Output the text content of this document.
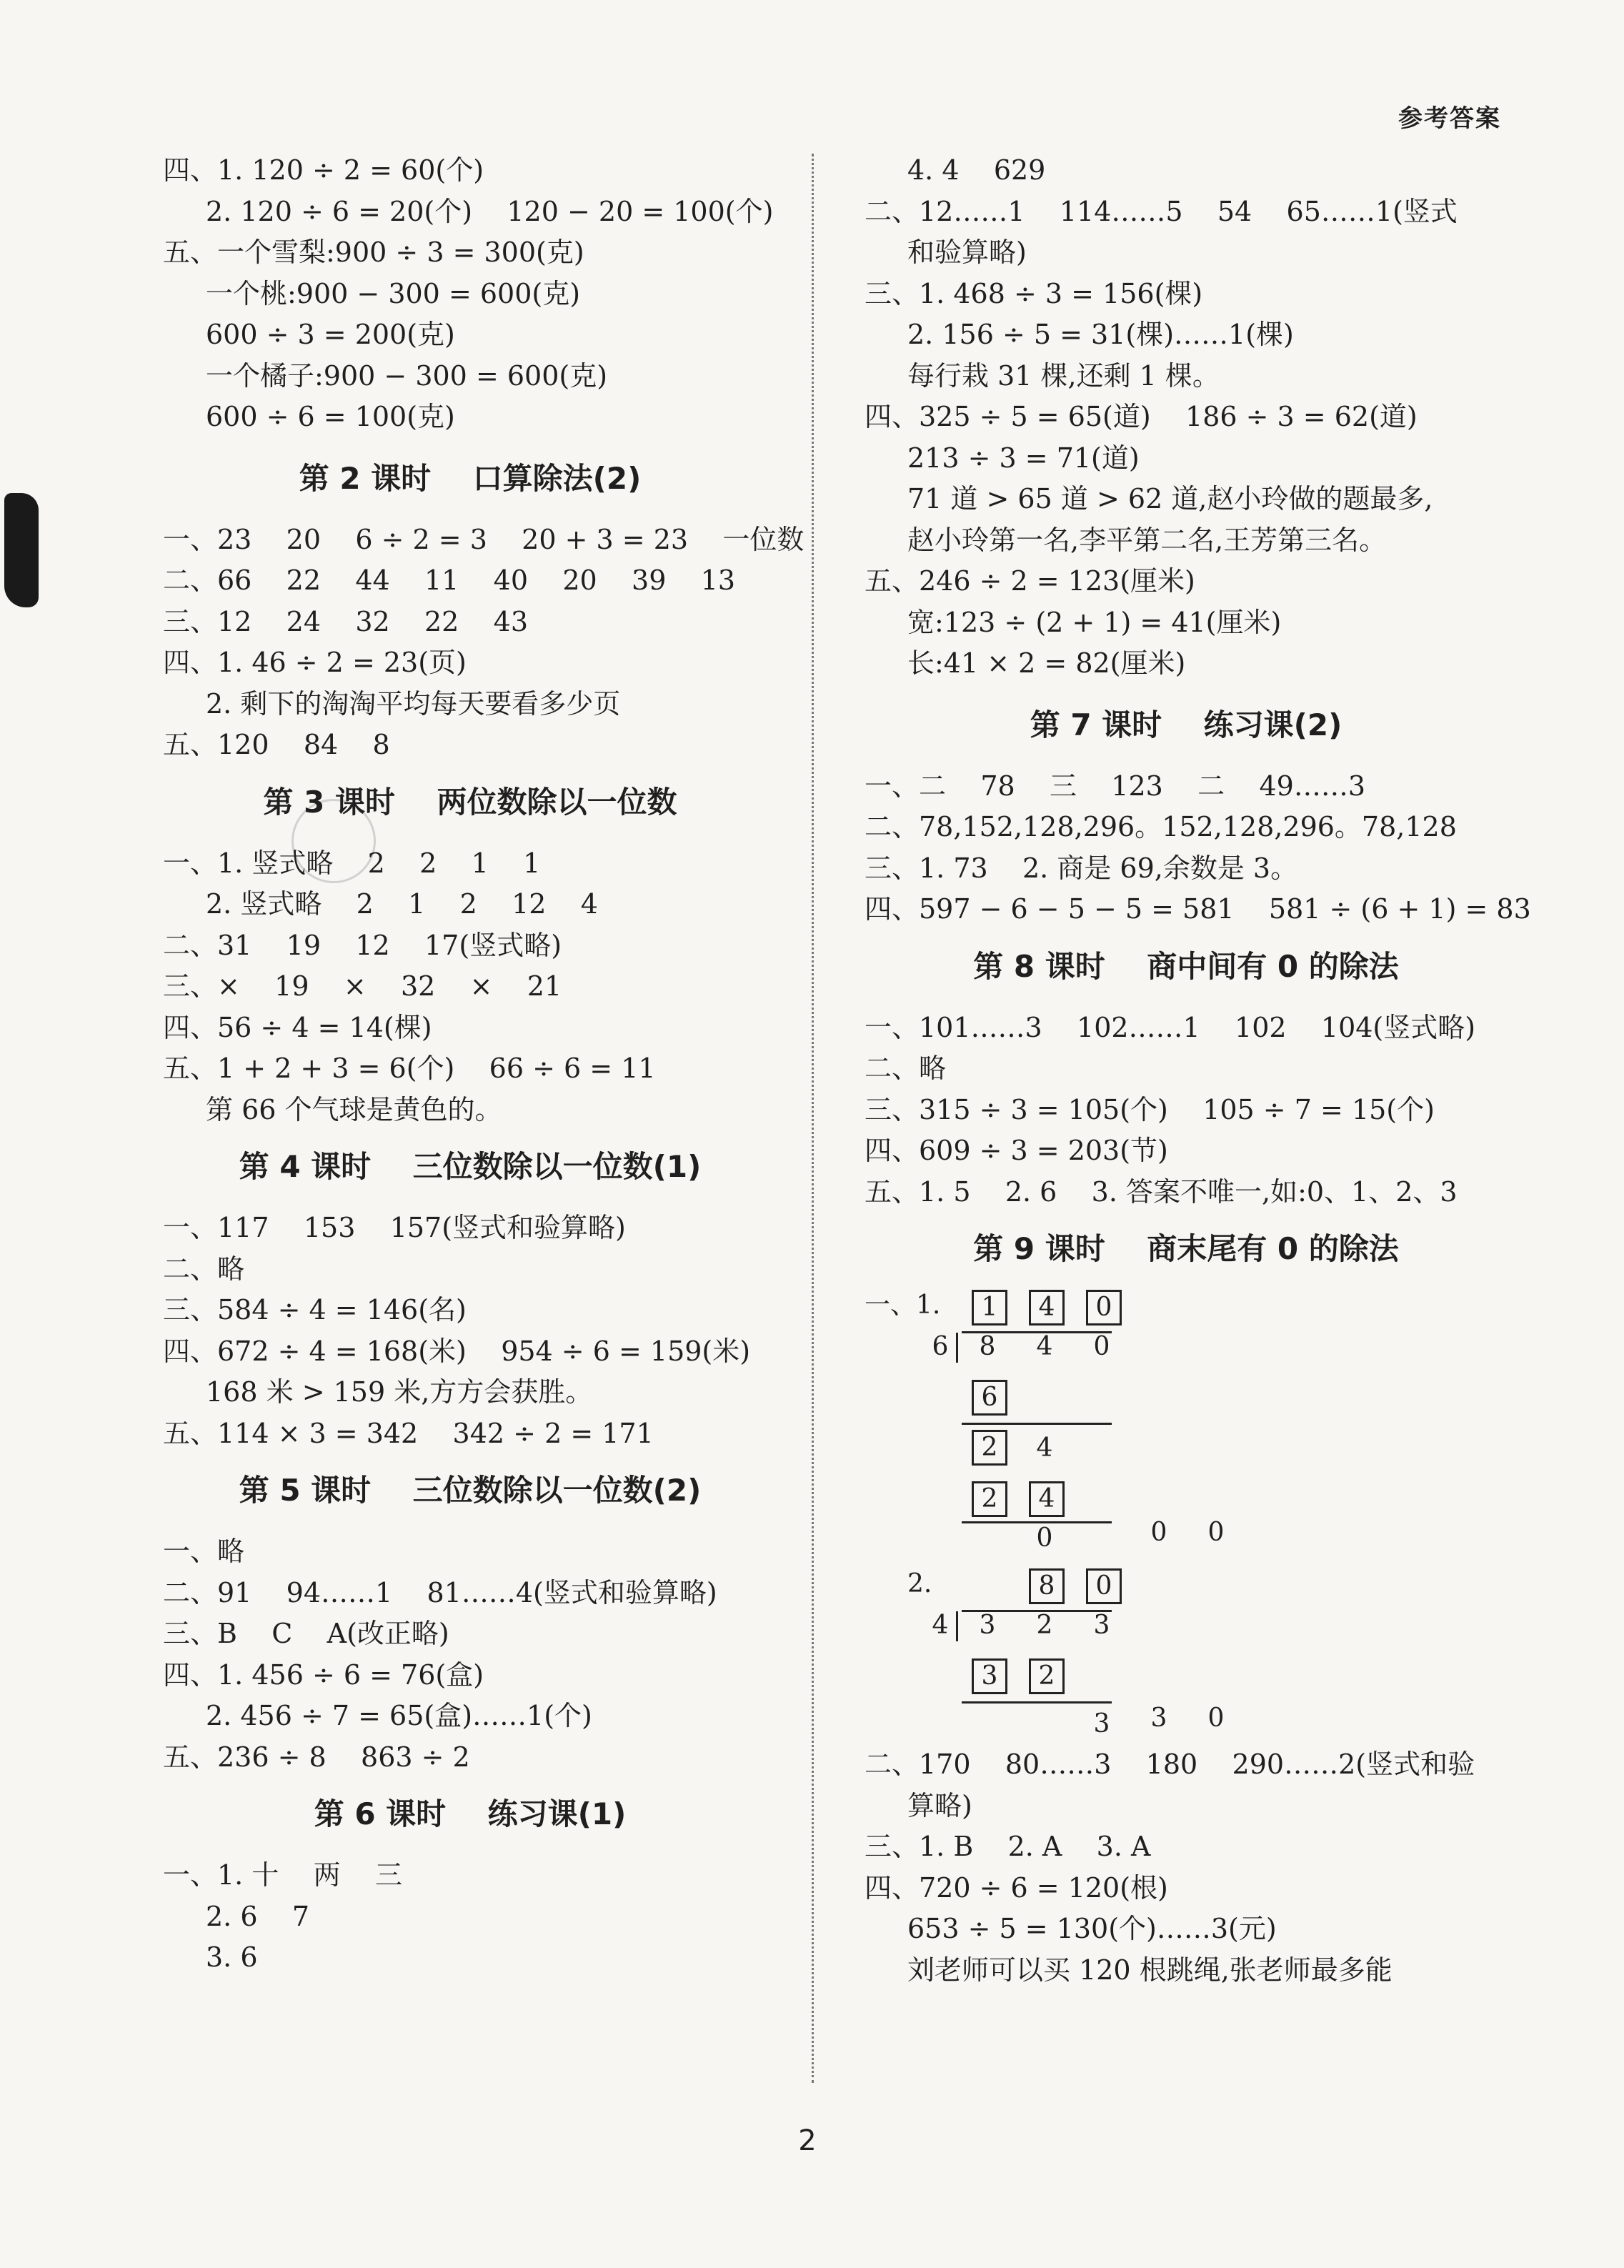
参考答案
四、1. 120 ÷ 2 = 60(个)
2. 120 ÷ 6 = 20(个)    120 − 20 = 100(个)
五、一个雪梨:900 ÷ 3 = 300(克)
一个桃:900 − 300 = 600(克)
600 ÷ 3 = 200(克)
一个橘子:900 − 300 = 600(克)
600 ÷ 6 = 100(克)
第 2 课时    口算除法(2)
一、23    20    6 ÷ 2 = 3    20 + 3 = 23    一位数
二、66    22    44    11    40    20    39    13
三、12    24    32    22    43
四、1. 46 ÷ 2 = 23(页)
2. 剩下的淘淘平均每天要看多少页
五、120    84    8
第 3 课时    两位数除以一位数
一、1. 竖式略    2    2    1    1
2. 竖式略    2    1    2    12    4
二、31    19    12    17(竖式略)
三、×    19    ×    32    ×    21
四、56 ÷ 4 = 14(棵)
五、1 + 2 + 3 = 6(个)    66 ÷ 6 = 11
第 66 个气球是黄色的。
第 4 课时    三位数除以一位数(1)
一、117    153    157(竖式和验算略)
二、略
三、584 ÷ 4 = 146(名)
四、672 ÷ 4 = 168(米)    954 ÷ 6 = 159(米)
168 米 > 159 米,方方会获胜。
五、114 × 3 = 342    342 ÷ 2 = 171
第 5 课时    三位数除以一位数(2)
一、略
二、91    94……1    81……4(竖式和验算略)
三、B    C    A(改正略)
四、1. 456 ÷ 6 = 76(盒)
2. 456 ÷ 7 = 65(盒)……1(个)
五、236 ÷ 8    863 ÷ 2
第 6 课时    练习课(1)
一、1. 十    两    三
2. 6    7
3. 6
4. 4    629
二、12……1    114……5    54    65……1(竖式
和验算略)
三、1. 468 ÷ 3 = 156(棵)
2. 156 ÷ 5 = 31(棵)……1(棵)
每行栽 31 棵,还剩 1 棵。
四、325 ÷ 5 = 65(道)    186 ÷ 3 = 62(道)
213 ÷ 3 = 71(道)
71 道 > 65 道 > 62 道,赵小玲做的题最多,
赵小玲第一名,李平第二名,王芳第三名。
五、246 ÷ 2 = 123(厘米)
宽:123 ÷ (2 + 1) = 41(厘米)
长:41 × 2 = 82(厘米)
第 7 课时    练习课(2)
一、二    78    三    123    二    49……3
二、78,152,128,296。152,128,296。78,128
三、1. 73    2. 商是 69,余数是 3。
四、597 − 6 − 5 − 5 = 581    581 ÷ (6 + 1) = 83
第 8 课时    商中间有 0 的除法
一、101……3    102……1    102    104(竖式略)
二、略
三、315 ÷ 3 = 105(个)    105 ÷ 7 = 15(个)
四、609 ÷ 3 = 203(节)
五、1. 5    2. 6    3. 答案不唯一,如:0、1、2、3
第 9 课时    商末尾有 0 的除法
一、1.	1	4	0
6 8 4 0
6
2	4
2	4
0	0 0
2.	8	0
4 3 2 3
3	2
3 3 0
二、170    80……3    180    290……2(竖式和验
算略)
三、1. B    2. A    3. A
四、720 ÷ 6 = 120(根)
653 ÷ 5 = 130(个)……3(元)
刘老师可以买 120 根跳绳,张老师最多能
2
